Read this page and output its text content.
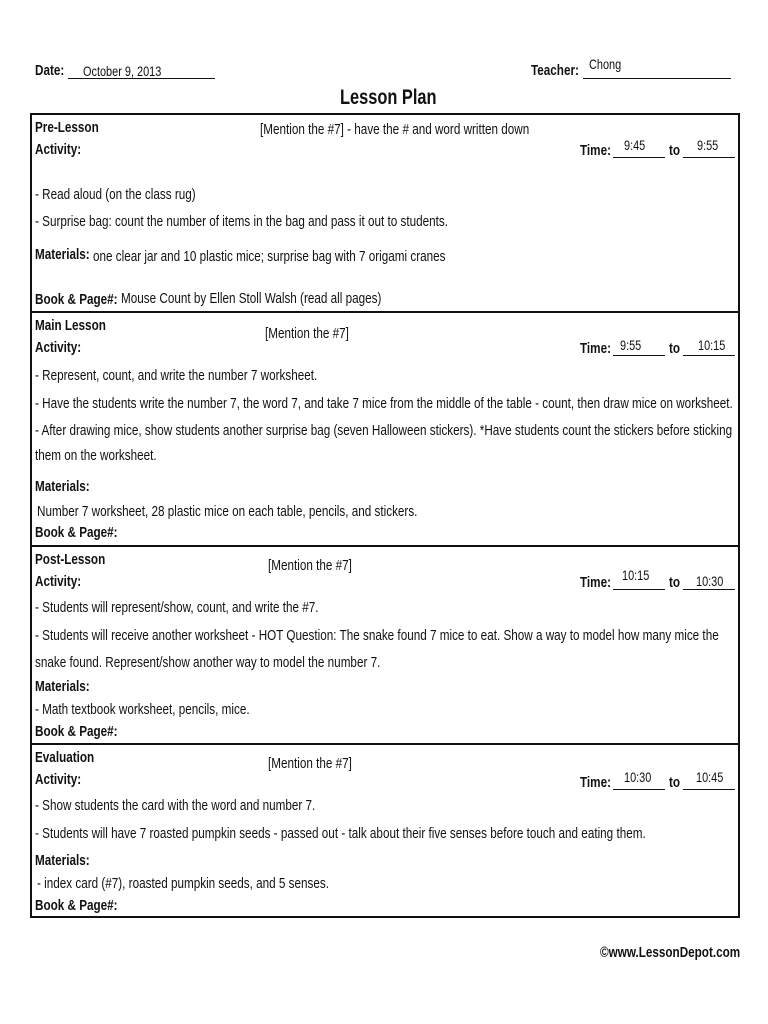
Date:	October 9, 2013	Teacher: Chong
Lesson Plan
Pre-Lesson
Activity:
[Mention the #7] - have the # and word written down
Time: 9:45	to 9:55
- Read aloud (on the class rug)
- Surprise bag: count the number of items in the bag and pass it out to students.
Materials: one clear jar and 10 plastic mice; surprise bag with 7 origami cranes
Book & Page#: Mouse Count by Ellen Stoll Walsh (read all pages)
Main Lesson
Activity:
[Mention the #7]
Time: 9:55	to 10:15
- Represent, count, and write the number 7 worksheet.
- Have the students write the number 7, the word 7, and take 7 mice from the middle of the table - count, then draw mice on worksheet.
- After drawing mice, show students another surprise bag (seven Halloween stickers). *Have students count the stickers before sticking
them on the worksheet.
Materials:
Number 7 worksheet, 28 plastic mice on each table, pencils, and stickers.
Book & Page#:
Post-Lesson
Activity:
[Mention the #7]
Time: 10:15	to 10:30
- Students will represent/show, count, and write the #7.
- Students will receive another worksheet - HOT Question: The snake found 7 mice to eat. Show a way to model how many mice the
snake found. Represent/show another way to model the number 7.
Materials:
- Math textbook worksheet, pencils, mice.
Book & Page#:
Evaluation
Activity:
[Mention the #7]
Time: 10:30	to 10:45
- Show students the card with the word and number 7.
- Students will have 7 roasted pumpkin seeds - passed out - talk about their five senses before touch and eating them.
Materials:
- index card (#7), roasted pumpkin seeds, and 5 senses.
Book & Page#:
©www.LessonDepot.com
